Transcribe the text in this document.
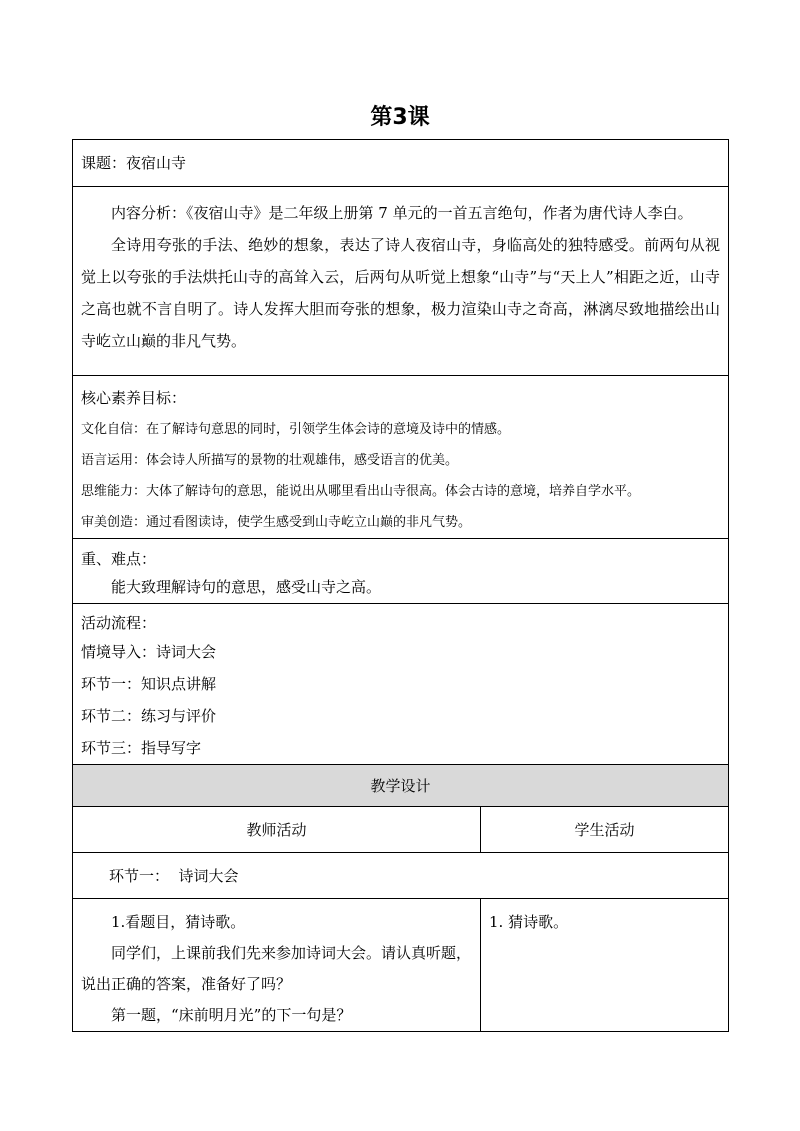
第3课

课题：夜宿山寺	

内容分析：《夜宿山寺》是二年级上册第 7 单元的一首五言绝句，作者为唐代诗人李白。

全诗用夸张的手法、绝妙的想象，表达了诗人夜宿山寺，身临高处的独特感受。前两句从视觉上以夸张的手法烘托山寺的高耸入云，后两句从听觉上想象“山寺”与“天上人”相距之近，山寺之高也就不言自明了。诗人发挥大胆而夸张的想象，极力渲染山寺之奇高，淋漓尽致地描绘出山寺屹立山巅的非凡气势。	

核心素养目标：

文化自信：在了解诗句意思的同时，引领学生体会诗的意境及诗中的情感。

语言运用：体会诗人所描写的景物的壮观雄伟，感受语言的优美。

思维能力：大体了解诗句的意思，能说出从哪里看出山寺很高。体会古诗的意境，培养自学水平。

审美创造：通过看图读诗，使学生感受到山寺屹立山巅的非凡气势。	

重、难点：

能大致理解诗句的意思，感受山寺之高。	

活动流程：

情境导入：诗词大会

环节一：知识点讲解

环节二：练习与评价

环节三：指导写字	

教学设计	
教师活动	学生活动
环节一：  诗词大会	

1.看题目，猜诗歌。

同学们，上课前我们先来参加诗词大会。请认真听题，说出正确的答案，准备好了吗？

第一题，“床前明月光”的下一句是？	1. 猜诗歌。
